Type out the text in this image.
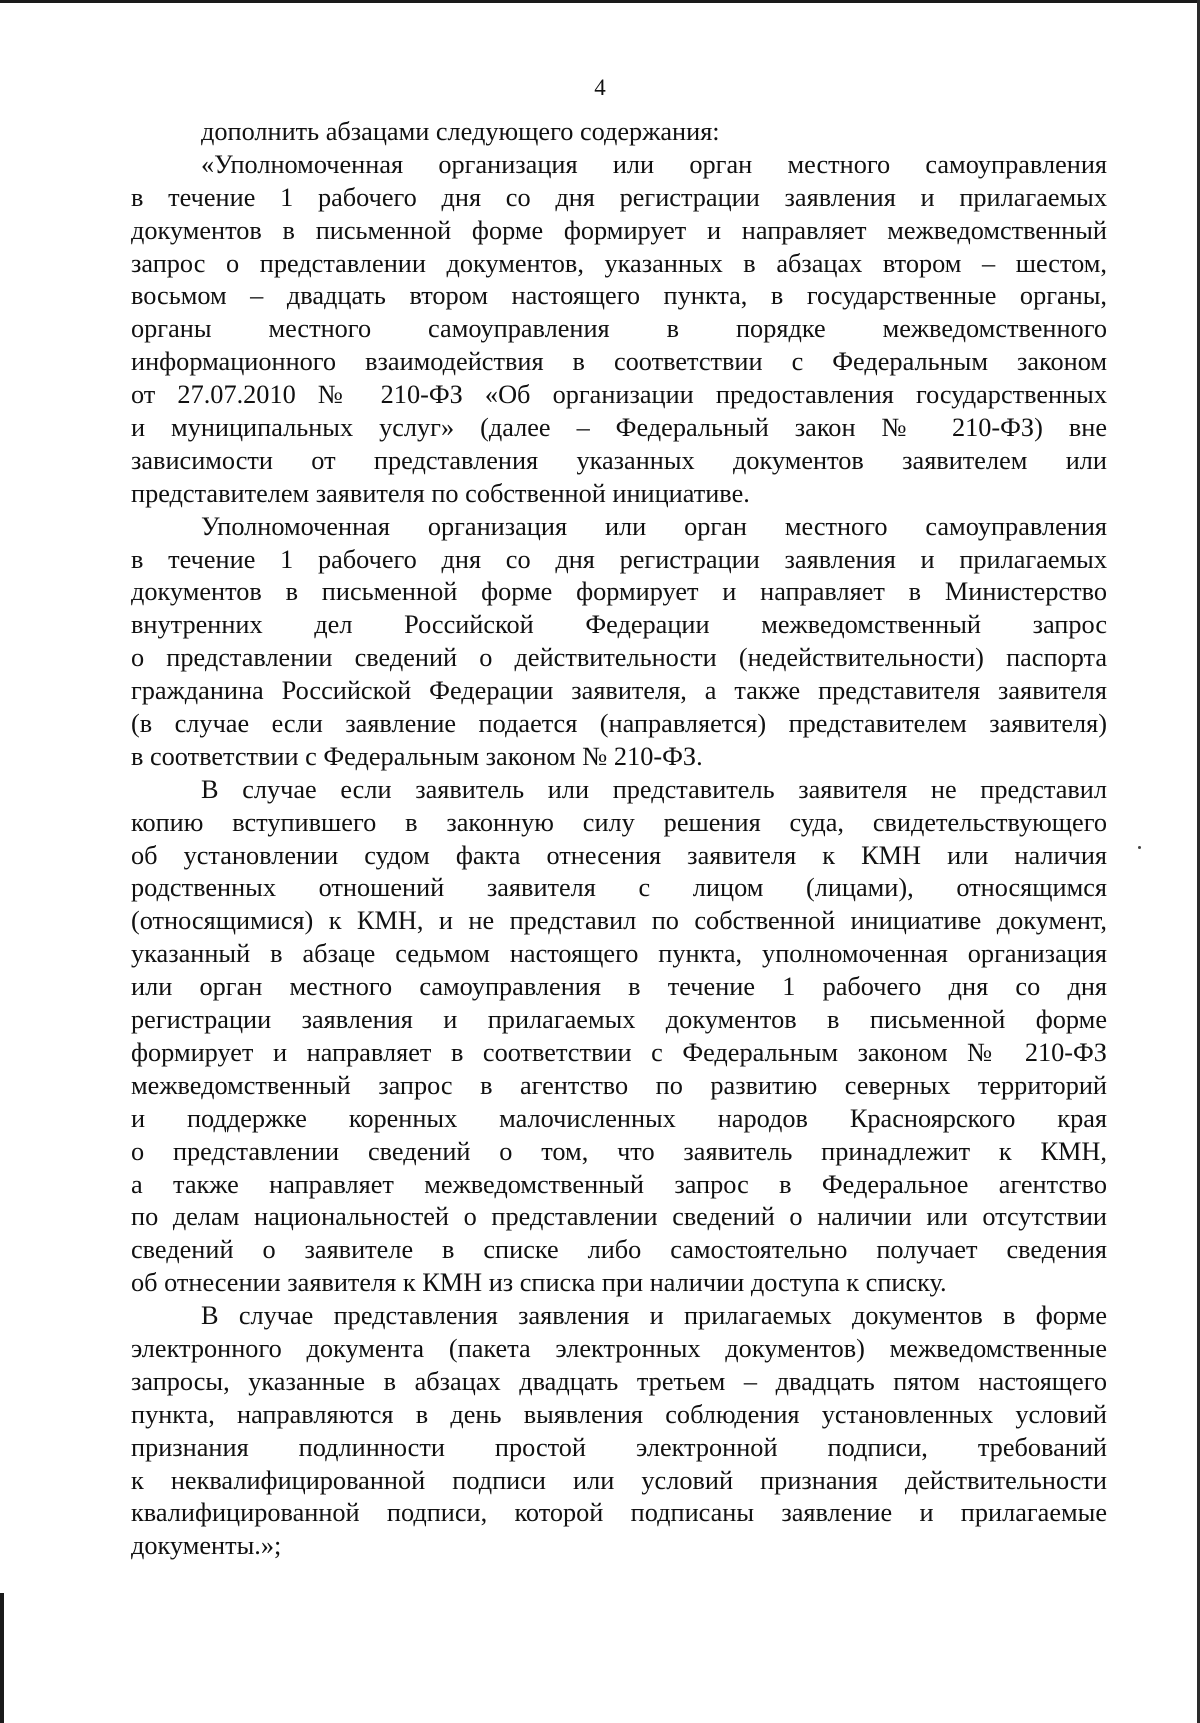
4

дополнить абзацами следующего содержания:

«Уполномоченная организация или орган местного самоуправления
в течение 1 рабочего дня со дня регистрации заявления и прилагаемых
документов в письменной форме формирует и направляет межведомственный
запрос о представлении документов, указанных в абзацах втором – шестом,
восьмом – двадцать втором настоящего пункта, в государственные органы,
органы местного самоуправления в порядке межведомственного
информационного взаимодействия в соответствии с Федеральным законом
от 27.07.2010 № 210-ФЗ «Об организации предоставления государственных
и муниципальных услуг» (далее – Федеральный закон № 210-ФЗ) вне
зависимости от представления указанных документов заявителем или
представителем заявителя по собственной инициативе.

Уполномоченная организация или орган местного самоуправления
в течение 1 рабочего дня со дня регистрации заявления и прилагаемых
документов в письменной форме формирует и направляет в Министерство
внутренних дел Российской Федерации межведомственный запрос
о представлении сведений о действительности (недействительности) паспорта
гражданина Российской Федерации заявителя, а также представителя заявителя
(в случае если заявление подается (направляется) представителем заявителя)
в соответствии с Федеральным законом № 210-ФЗ.

В случае если заявитель или представитель заявителя не представил
копию вступившего в законную силу решения суда, свидетельствующего
об установлении судом факта отнесения заявителя к КМН или наличия
родственных отношений заявителя с лицом (лицами), относящимся
(относящимися) к КМН, и не представил по собственной инициативе документ,
указанный в абзаце седьмом настоящего пункта, уполномоченная организация
или орган местного самоуправления в течение 1 рабочего дня со дня
регистрации заявления и прилагаемых документов в письменной форме
формирует и направляет в соответствии с Федеральным законом № 210-ФЗ
межведомственный запрос в агентство по развитию северных территорий
и поддержке коренных малочисленных народов Красноярского края
о представлении сведений о том, что заявитель принадлежит к КМН,
а также направляет межведомственный запрос в Федеральное агентство
по делам национальностей о представлении сведений о наличии или отсутствии
сведений о заявителе в списке либо самостоятельно получает сведения
об отнесении заявителя к КМН из списка при наличии доступа к списку.

В случае представления заявления и прилагаемых документов в форме
электронного документа (пакета электронных документов) межведомственные
запросы, указанные в абзацах двадцать третьем – двадцать пятом настоящего
пункта, направляются в день выявления соблюдения установленных условий
признания подлинности простой электронной подписи, требований
к неквалифицированной подписи или условий признания действительности
квалифицированной подписи, которой подписаны заявление и прилагаемые
документы.»;
